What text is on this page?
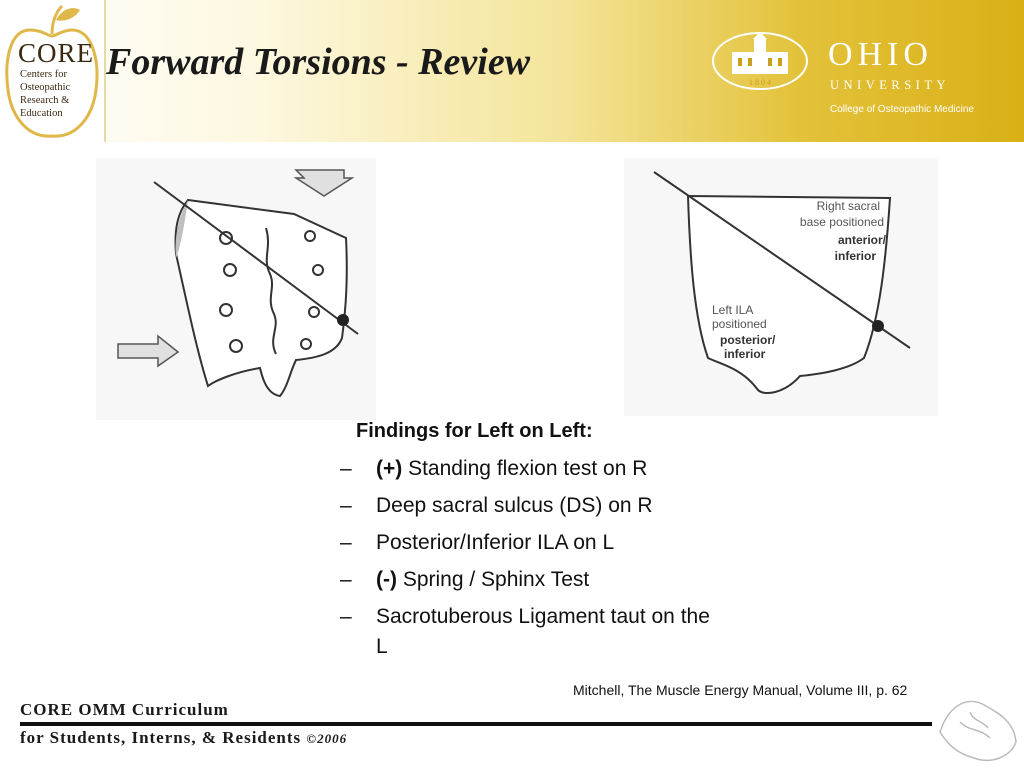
CORE
Centers for
Osteopathic
Research &
Education
Forward Torsions - Review	1 8 0 4
OHIO
UNIVERSITY
College of Osteopathic Medicine
Right sacral
base positioned
anterior/
inferior
Left ILA
positioned
posterior/
inferior
Findings for Left on Left:
– (+) Standing flexion test on R
– Deep sacral sulcus (DS) on R
– Posterior/Inferior ILA on L
– (-) Spring / Sphinx Test
– Sacrotuberous Ligament taut on the L
Mitchell, The Muscle Energy Manual, Volume III, p. 62
CORE OMM Curriculum
for Students, Interns, & Residents ©2006
